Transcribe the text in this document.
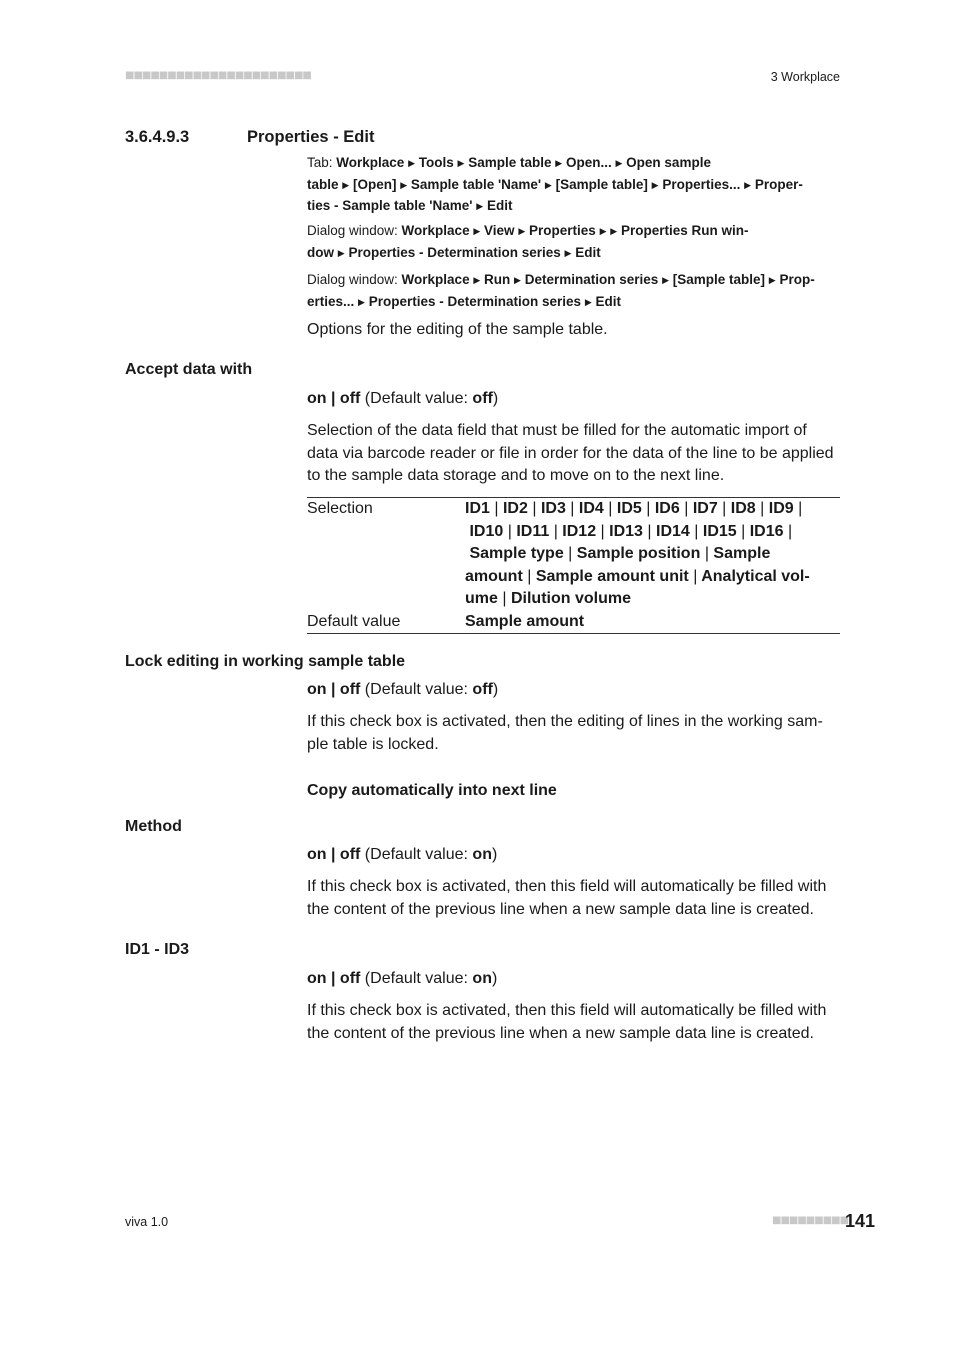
■■■■■■■■■■■■■■■■■■■■■■	3 Workplace
3.6.4.9.3	Properties - Edit
Tab: Workplace ▶ Tools ▶ Sample table ▶ Open... ▶ Open sample
table ▶ [Open] ▶ Sample table 'Name' ▶ [Sample table] ▶ Properties... ▶ Proper-
ties - Sample table 'Name' ▶ Edit
Dialog window: Workplace ▶ View ▶ Properties ▶ ▶ Properties Run win-
dow ▶ Properties - Determination series ▶ Edit
Dialog window: Workplace ▶ Run ▶ Determination series ▶ [Sample table] ▶ Prop-
erties... ▶ Properties - Determination series ▶ Edit
Options for the editing of the sample table.
Accept data with
on | off (Default value: off)
Selection of the data field that must be filled for the automatic import of data via barcode reader or file in order for the data of the line to be applied to the sample data storage and to move on to the next line.
Selection	ID1 | ID2 | ID3 | ID4 | ID5 | ID6 | ID7 | ID8 | ID9 |
ID10 | ID11 | ID12 | ID13 | ID14 | ID15 | ID16 |
Sample type | Sample position | Sample
amount | Sample amount unit | Analytical vol-
ume | Dilution volume
Default value	Sample amount
Lock editing in working sample table
on | off (Default value: off)
If this check box is activated, then the editing of lines in the working sam-ple table is locked.
Copy automatically into next line
Method
on | off (Default value: on)
If this check box is activated, then this field will automatically be filled with the content of the previous line when a new sample data line is created.
ID1 - ID3
on | off (Default value: on)
If this check box is activated, then this field will automatically be filled with the content of the previous line when a new sample data line is created.
viva 1.0	■■■■■■■■■
141
